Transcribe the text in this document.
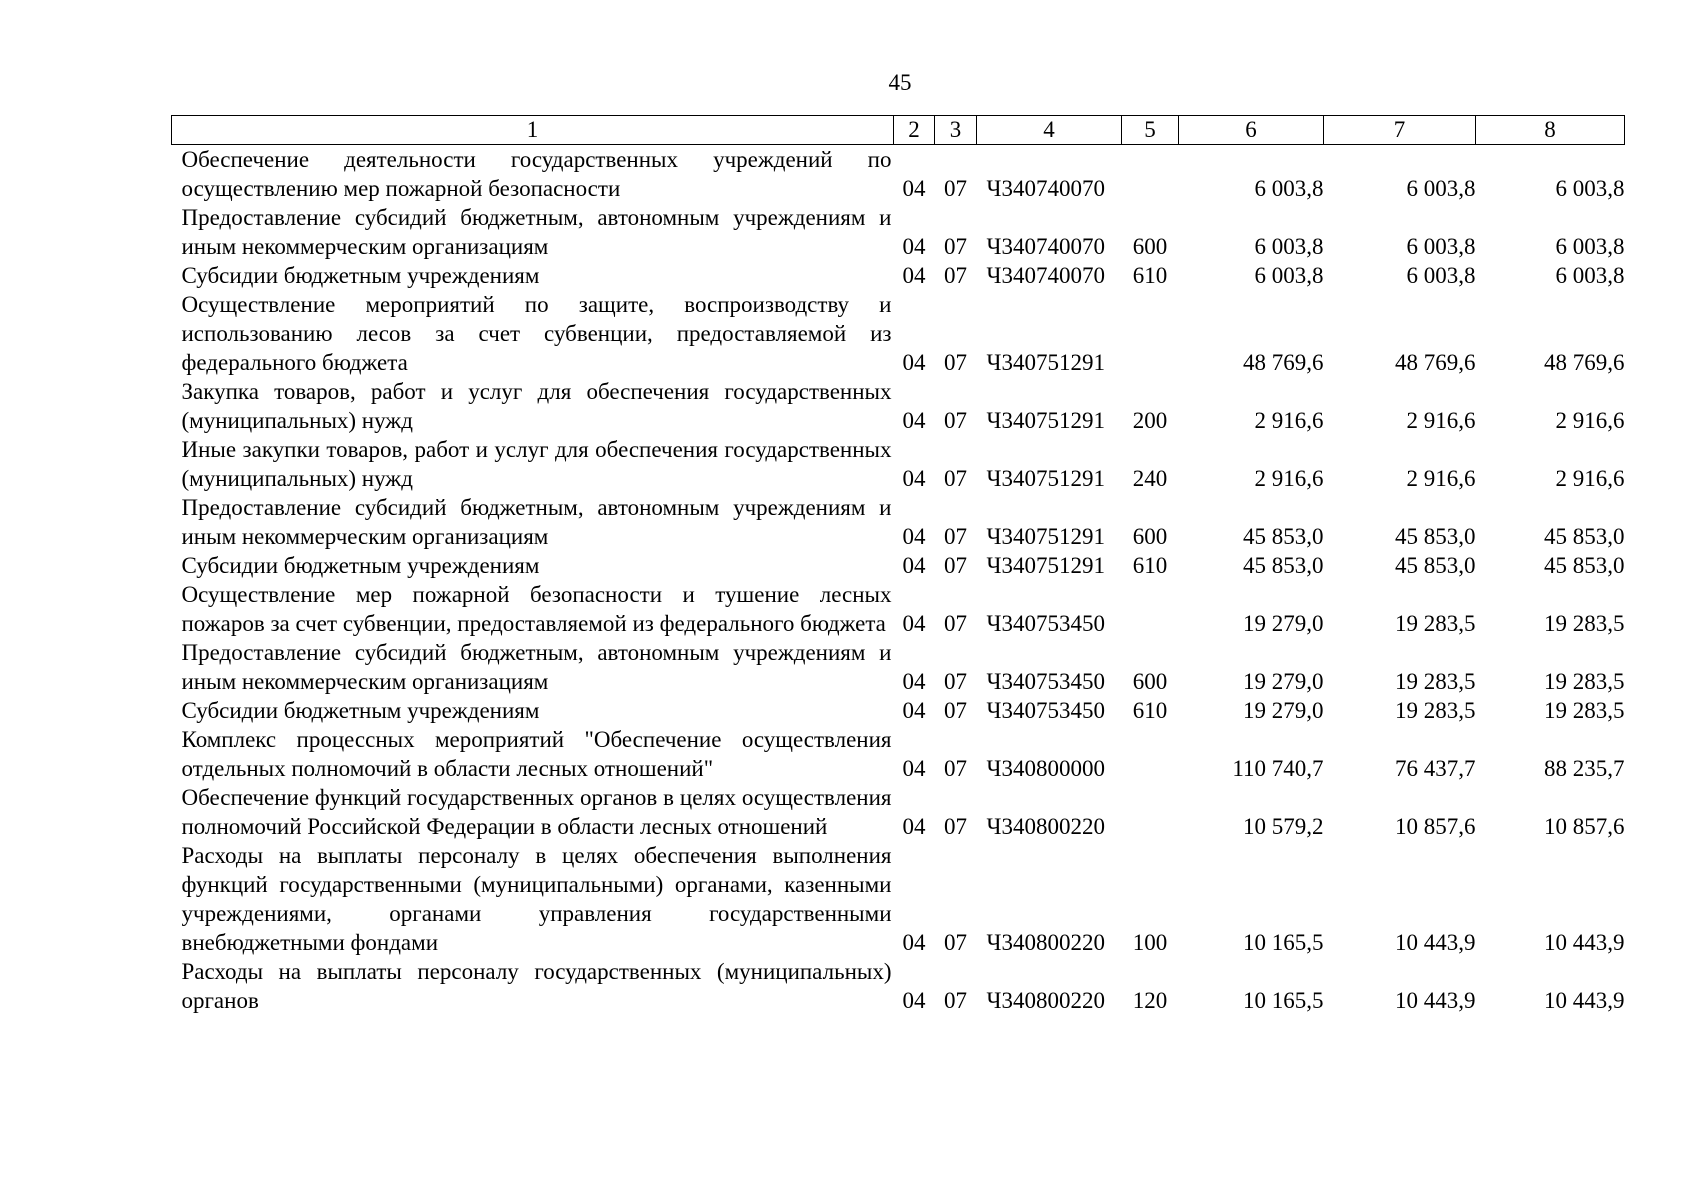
45
1	2	3	4	5	6	7	8
Обеспечение деятельности государственных учреждений по осуществлению мер пожарной безопасности	04	07	Ч340740070		6 003,8	6 003,8	6 003,8
Предоставление субсидий бюджетным, автономным учреждениям и иным некоммерческим организациям	04	07	Ч340740070	600	6 003,8	6 003,8	6 003,8
Субсидии бюджетным учреждениям	04	07	Ч340740070	610	6 003,8	6 003,8	6 003,8
Осуществление мероприятий по защите, воспроизводству и использованию лесов за счет субвенции, предоставляемой из федерального бюджета	04	07	Ч340751291		48 769,6	48 769,6	48 769,6
Закупка товаров, работ и услуг для обеспечения государственных (муниципальных) нужд	04	07	Ч340751291	200	2 916,6	2 916,6	2 916,6
Иные закупки товаров, работ и услуг для обеспечения государственных (муниципальных) нужд	04	07	Ч340751291	240	2 916,6	2 916,6	2 916,6
Предоставление субсидий бюджетным, автономным учреждениям и иным некоммерческим организациям	04	07	Ч340751291	600	45 853,0	45 853,0	45 853,0
Субсидии бюджетным учреждениям	04	07	Ч340751291	610	45 853,0	45 853,0	45 853,0
Осуществление мер пожарной безопасности и тушение лесных пожаров за счет субвенции, предоставляемой из федерального бюджета	04	07	Ч340753450		19 279,0	19 283,5	19 283,5
Предоставление субсидий бюджетным, автономным учреждениям и иным некоммерческим организациям	04	07	Ч340753450	600	19 279,0	19 283,5	19 283,5
Субсидии бюджетным учреждениям	04	07	Ч340753450	610	19 279,0	19 283,5	19 283,5
Комплекс процессных мероприятий "Обеспечение осуществления отдельных полномочий в области лесных отношений"	04	07	Ч340800000		110 740,7	76 437,7	88 235,7
Обеспечение функций государственных органов в целях осуществления полномочий Российской Федерации в области лесных отношений	04	07	Ч340800220		10 579,2	10 857,6	10 857,6
Расходы на выплаты персоналу в целях обеспечения выполнения функций государственными (муниципальными) органами, казенными учреждениями, органами управления государственными внебюджетными фондами	04	07	Ч340800220	100	10 165,5	10 443,9	10 443,9
Расходы на выплаты персоналу государственных (муниципальных) органов	04	07	Ч340800220	120	10 165,5	10 443,9	10 443,9
